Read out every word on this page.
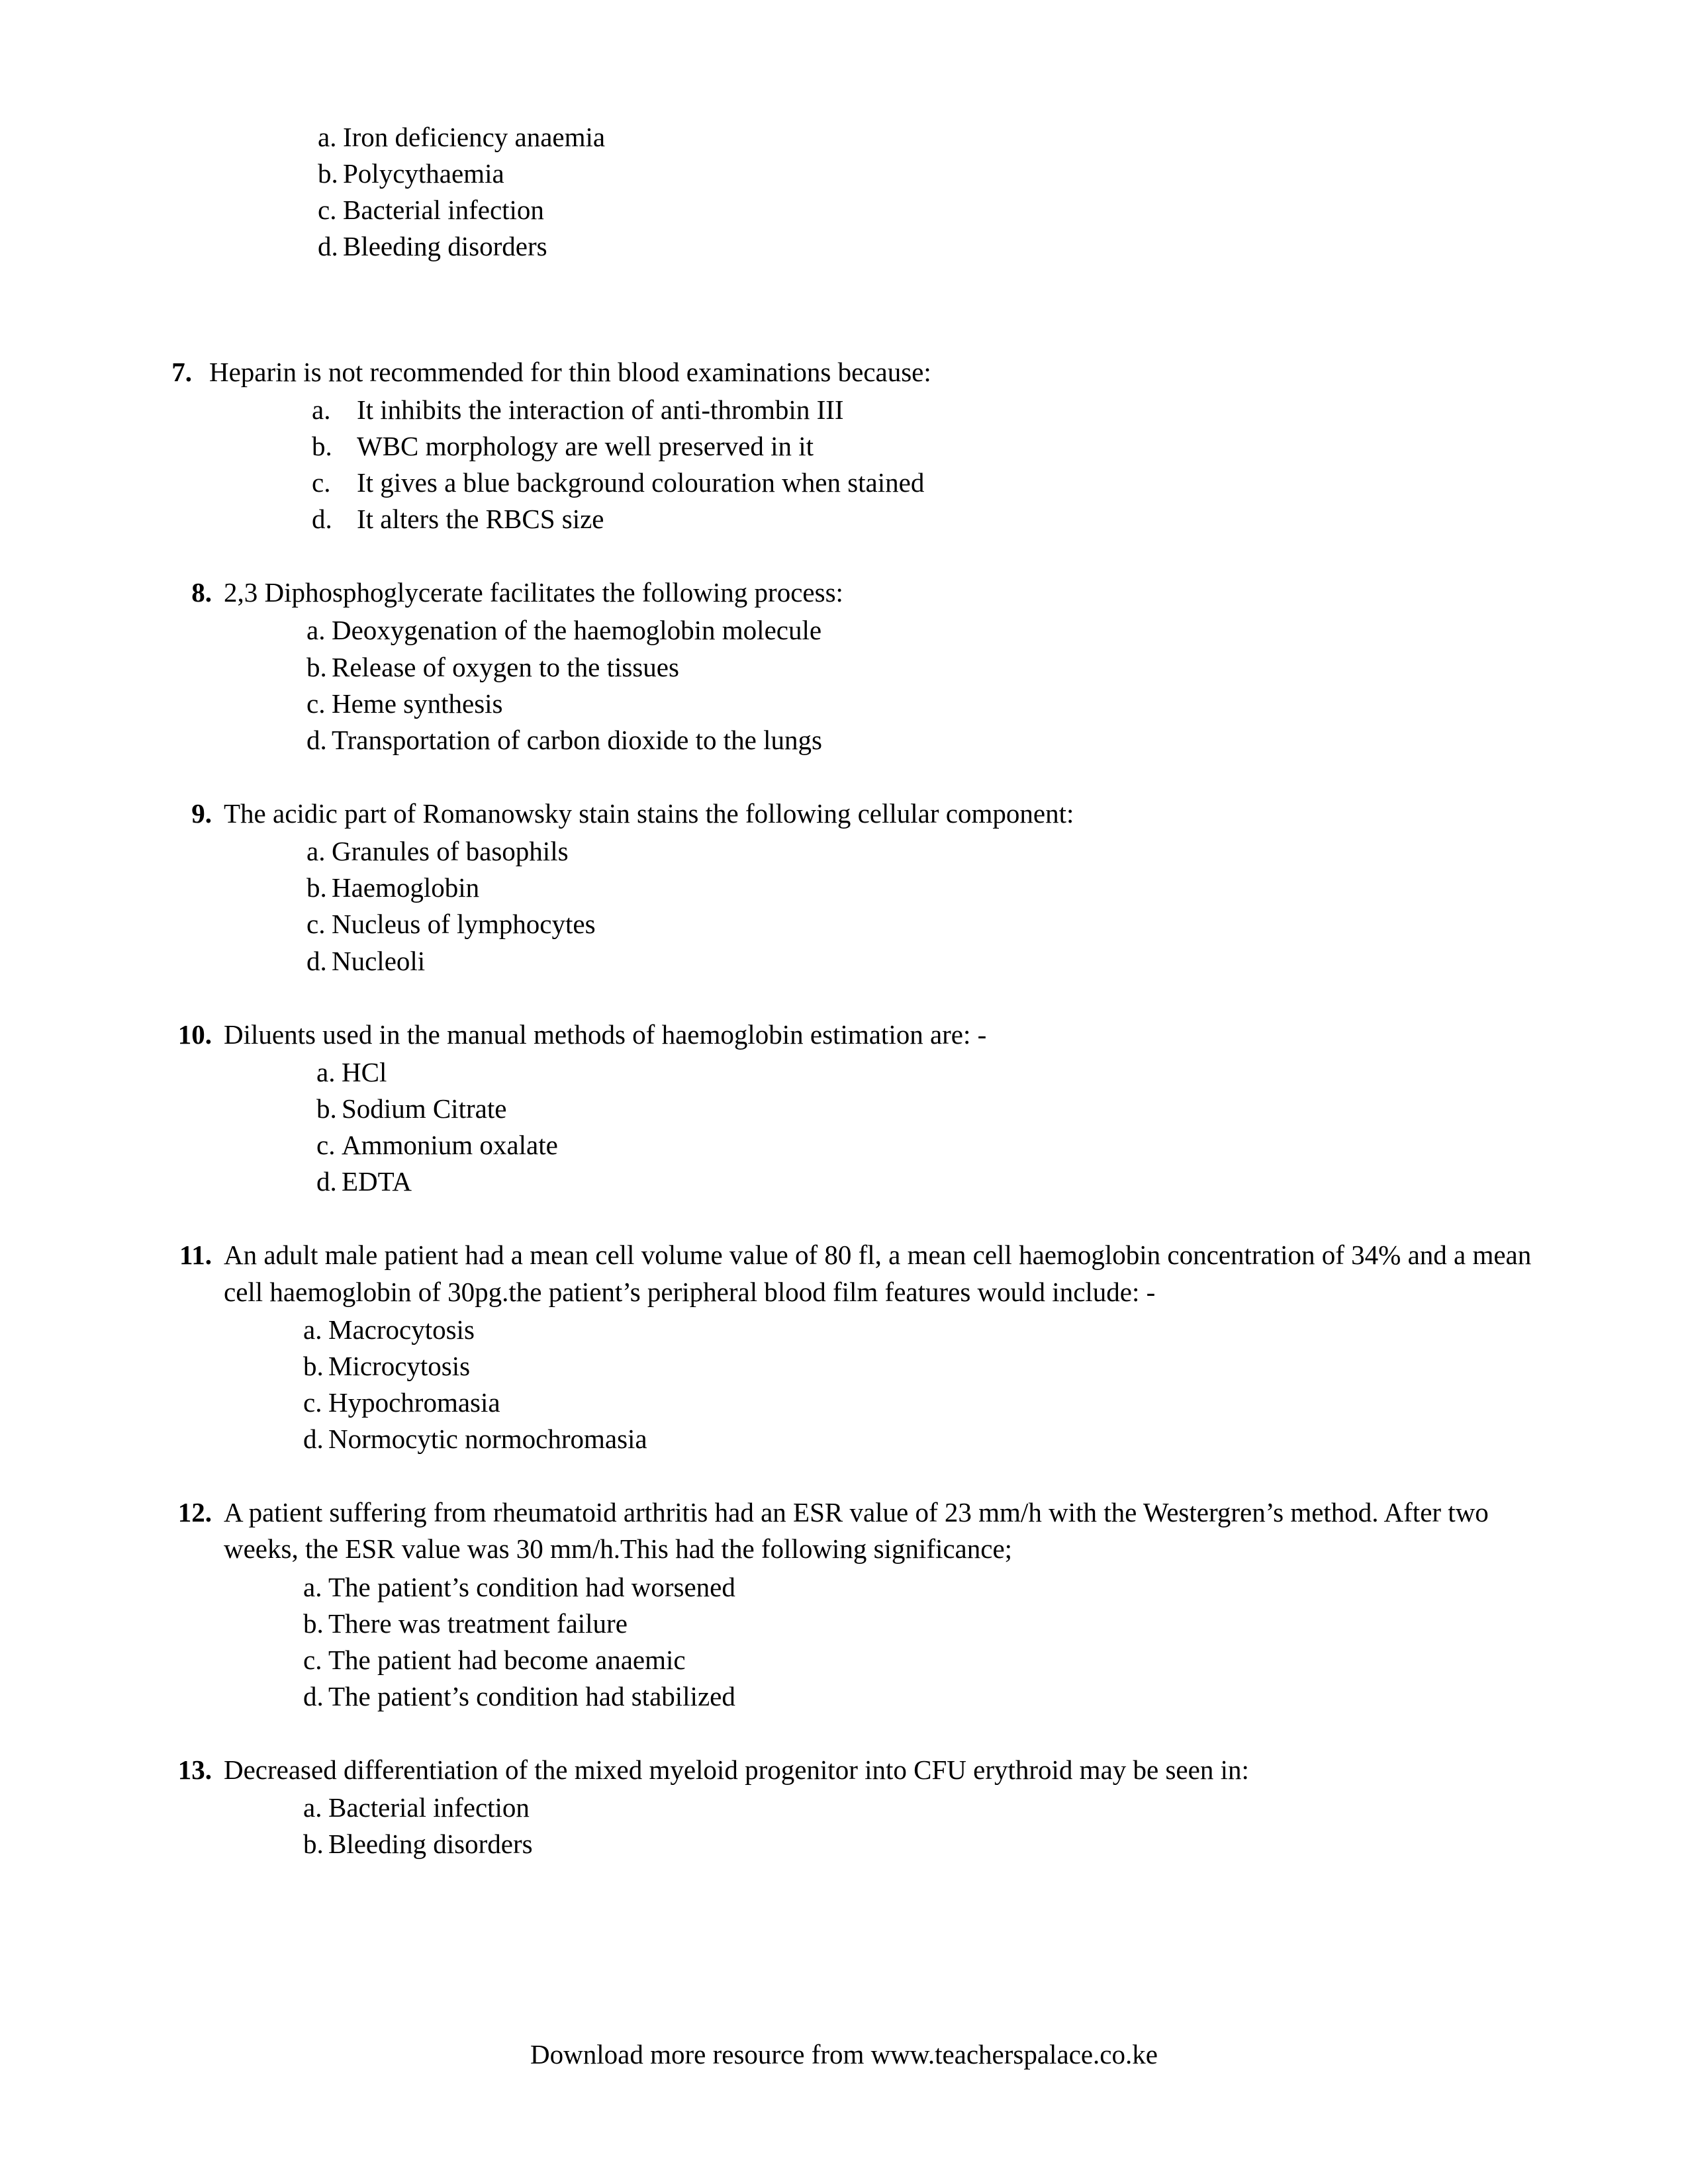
a. Iron deficiency anaemia
b. Polycythaemia
c. Bacterial infection
d. Bleeding disorders
7. Heparin is not recommended for thin blood examinations because:

a. It inhibits the interaction of anti-thrombin III
b. WBC morphology are well preserved in it
c. It gives a blue background colouration when stained
d. It alters the RBCS size
8. 2,3 Diphosphoglycerate facilitates the following process:

a. Deoxygenation of the haemoglobin molecule
b. Release of oxygen to the tissues
c. Heme synthesis
d. Transportation of carbon dioxide to the lungs
9. The acidic part of Romanowsky stain stains the following cellular component:

a. Granules of basophils
b. Haemoglobin
c. Nucleus of lymphocytes
d. Nucleoli
10. Diluents used in the manual methods of haemoglobin estimation are: -

a. HCl
b. Sodium Citrate
c. Ammonium oxalate
d. EDTA
11. An adult male patient had a mean cell volume value of 80 fl, a mean cell haemoglobin concentration of 34% and a mean cell haemoglobin of 30pg.the patient’s peripheral blood film features would include: -

a. Macrocytosis
b. Microcytosis
c. Hypochromasia
d. Normocytic normochromasia
12. A patient suffering from rheumatoid arthritis had an ESR value of 23 mm/h with the Westergren’s method. After two weeks, the ESR value was 30 mm/h.This had the following significance;

a. The patient’s condition had worsened
b. There was treatment failure
c. The patient had become anaemic
d. The patient’s condition had stabilized
13. Decreased differentiation of the mixed myeloid progenitor into CFU erythroid may be seen in:

a. Bacterial infection
b. Bleeding disorders
Download more resource from www.teacherspalace.co.ke
